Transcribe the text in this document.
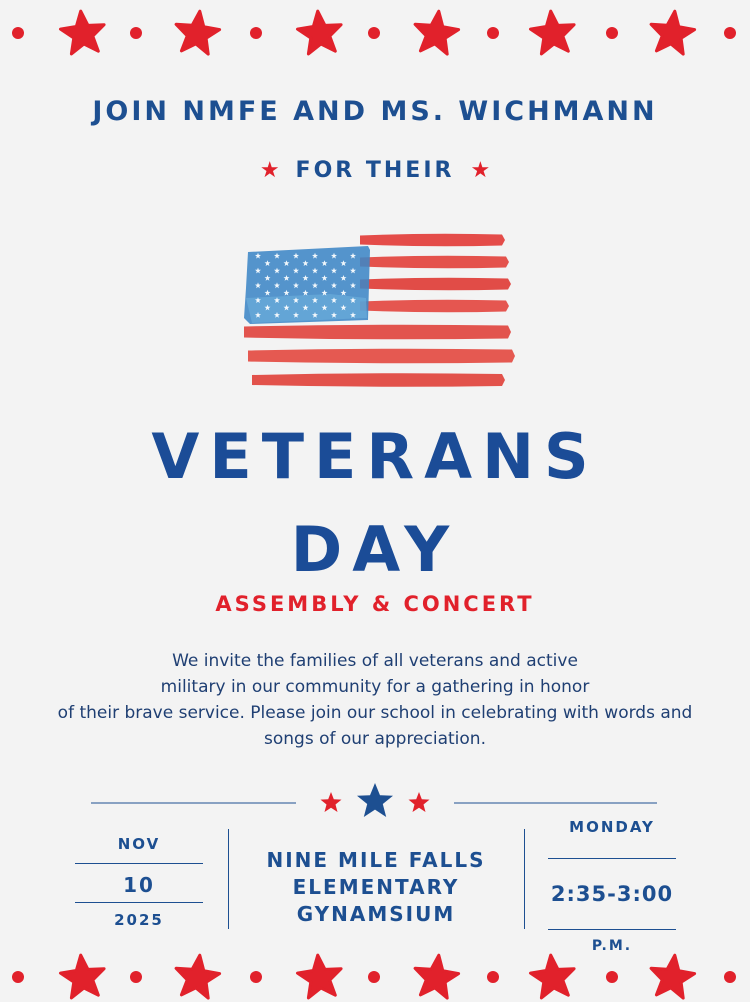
JOIN NMFE AND MS. WICHMANN
★ FOR THEIR ★
VETERANS
DAY
ASSEMBLY & CONCERT
We invite the families of all veterans and active
military in our community for a gathering in honor
of their brave service. Please join our school in celebrating with words and
songs of our appreciation.
NOV
10
2025
NINE MILE FALLS
ELEMENTARY
GYNAMSIUM
MONDAY
2:35-3:00
P.M.
